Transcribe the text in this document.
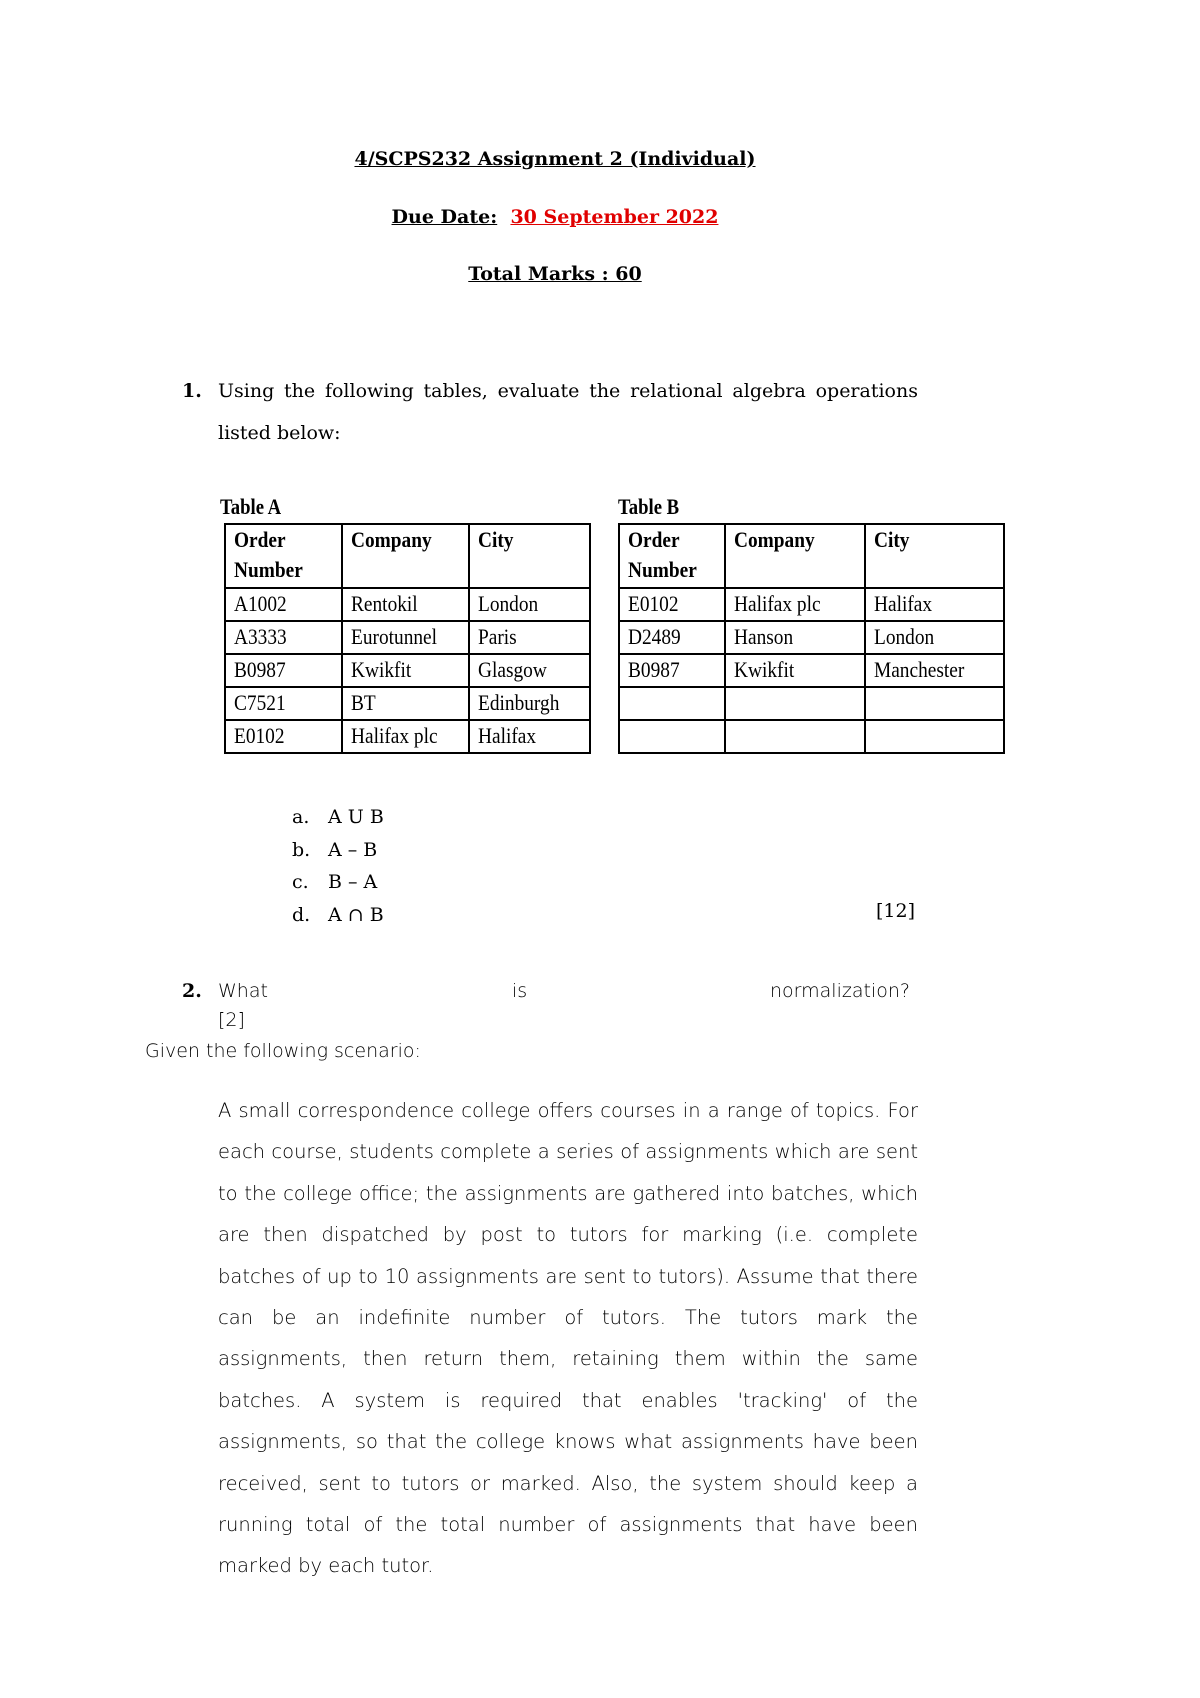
4/SCPS232 Assignment 2 (Individual)
Due Date: 30 September 2022
Total Marks : 60
1. Using the following tables, evaluate the relational algebra operations listed below:
Table A
Order Number	Company	City

A1002	Rentokil	London
A3333	Eurotunnel	Paris
B0987	Kwikfit	Glasgow
C7521	BT	Edinburgh
E0102	Halifax plc	Halifax
Table B
Order Number	Company	City

E0102	Halifax plc	Halifax
D2489	Hanson	London
B0987	Kwikfit	Manchester

a. A U B
b. A – B
c. B – A
d. A ∩ B	[12]
2. What	is	normalization?
[2]
Given the following scenario:
A small correspondence college offers courses in a range of topics. For each course, students complete a series of assignments which are sent to the college office; the assignments are gathered into batches, which are then dispatched by post to tutors for marking (i.e. complete batches of up to 10 assignments are sent to tutors). Assume that there can be an indefinite number of tutors. The tutors mark the assignments, then return them, retaining them within the same batches. A system is required that enables 'tracking' of the assignments, so that the college knows what assignments have been received, sent to tutors or marked. Also, the system should keep a running total of the total number of assignments that have been marked by each tutor.
